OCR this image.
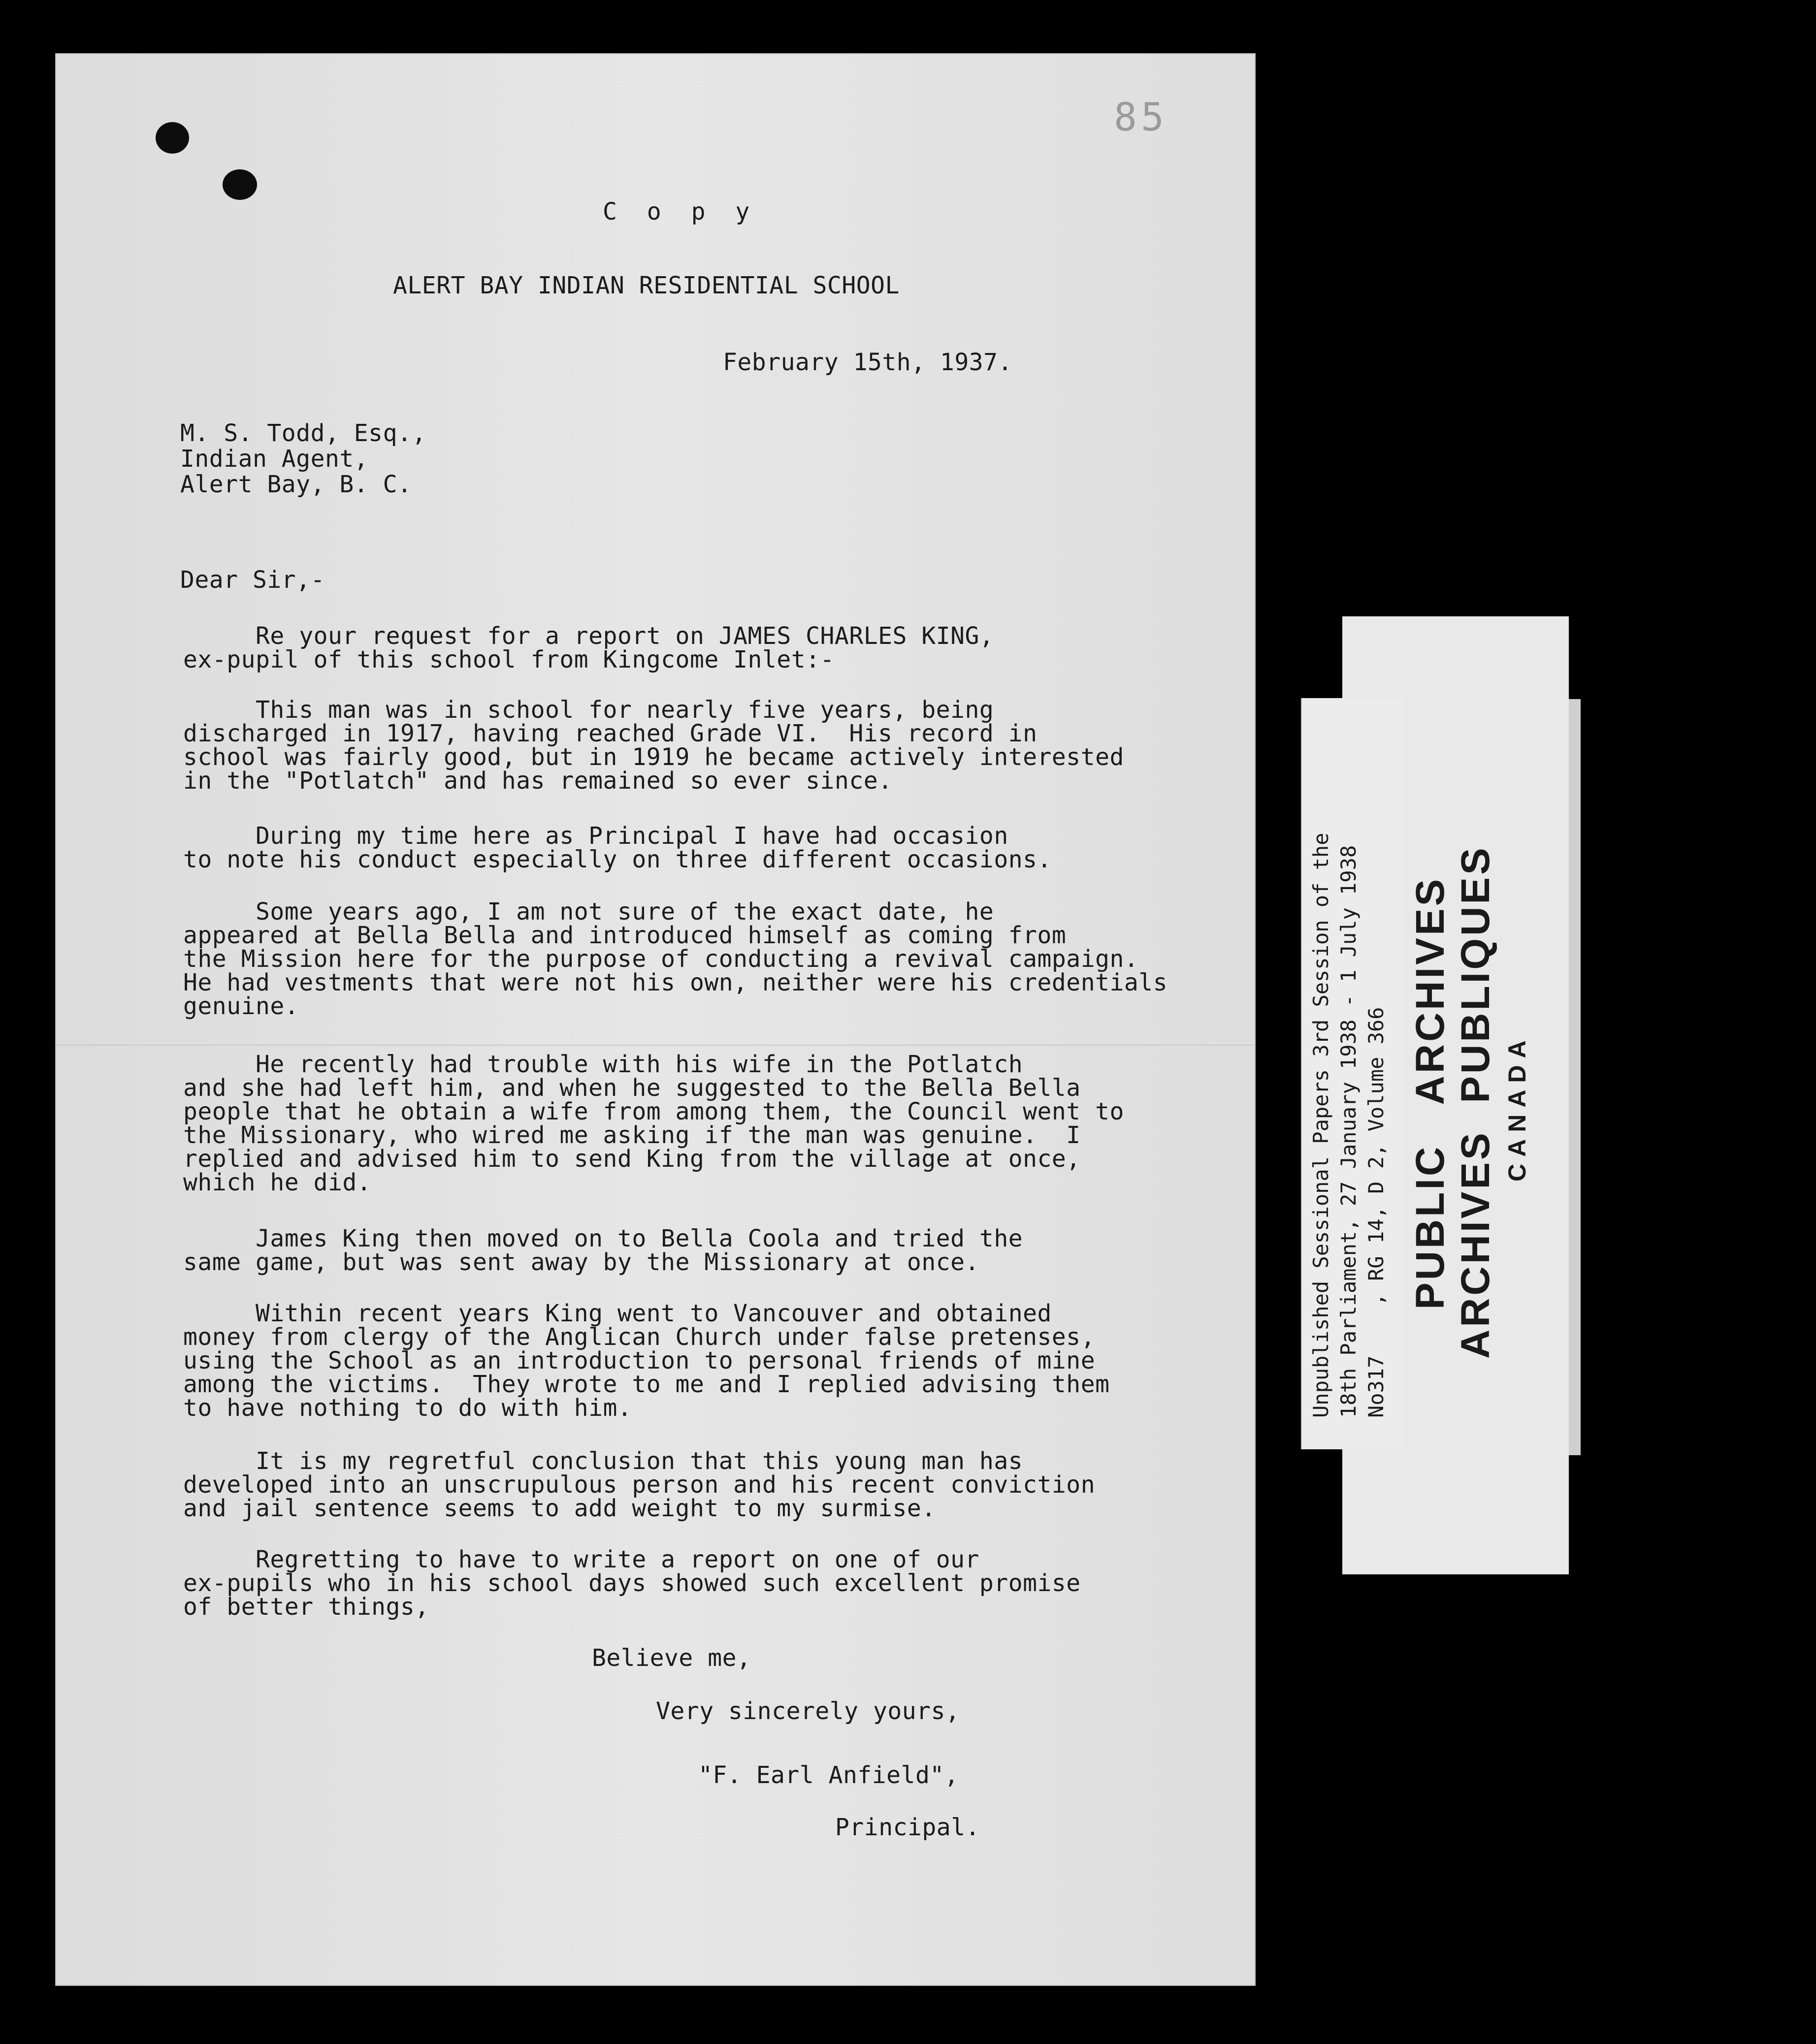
85
C o p y
ALERT BAY INDIAN RESIDENTIAL SCHOOL
February 15th, 1937.
M. S. Todd, Esq.,
Indian Agent,
Alert Bay, B. C.
Dear Sir,-
Re your request for a report on JAMES CHARLES KING,
ex-pupil of this school from Kingcome Inlet:-
This man was in school for nearly five years, being
discharged in 1917, having reached Grade VI.  His record in
school was fairly good, but in 1919 he became actively interested
in the "Potlatch" and has remained so ever since.
During my time here as Principal I have had occasion
to note his conduct especially on three different occasions.
Some years ago, I am not sure of the exact date, he
appeared at Bella Bella and introduced himself as coming from
the Mission here for the purpose of conducting a revival campaign.
He had vestments that were not his own, neither were his credentials
genuine.
He recently had trouble with his wife in the Potlatch
and she had left him, and when he suggested to the Bella Bella
people that he obtain a wife from among them, the Council went to
the Missionary, who wired me asking if the man was genuine.  I
replied and advised him to send King from the village at once,
which he did.
James King then moved on to Bella Coola and tried the
same game, but was sent away by the Missionary at once.
Within recent years King went to Vancouver and obtained
money from clergy of the Anglican Church under false pretenses,
using the School as an introduction to personal friends of mine
among the victims.  They wrote to me and I replied advising them
to have nothing to do with him.
It is my regretful conclusion that this young man has
developed into an unscrupulous person and his recent conviction
and jail sentence seems to add weight to my surmise.
Regretting to have to write a report on one of our
ex-pupils who in his school days showed such excellent promise
of better things,
Believe me,
Very sincerely yours,
"F. Earl Anfield",
Principal.
Unpublished Sessional Papers 3rd Session of the 18th Parliament, 27 January 1938 - 1 July 1938 No317    , RG 14, D 2, Volume 366 PUBLIC   ARCHIVES ARCHIVES  PUBLIQUES CANADA
